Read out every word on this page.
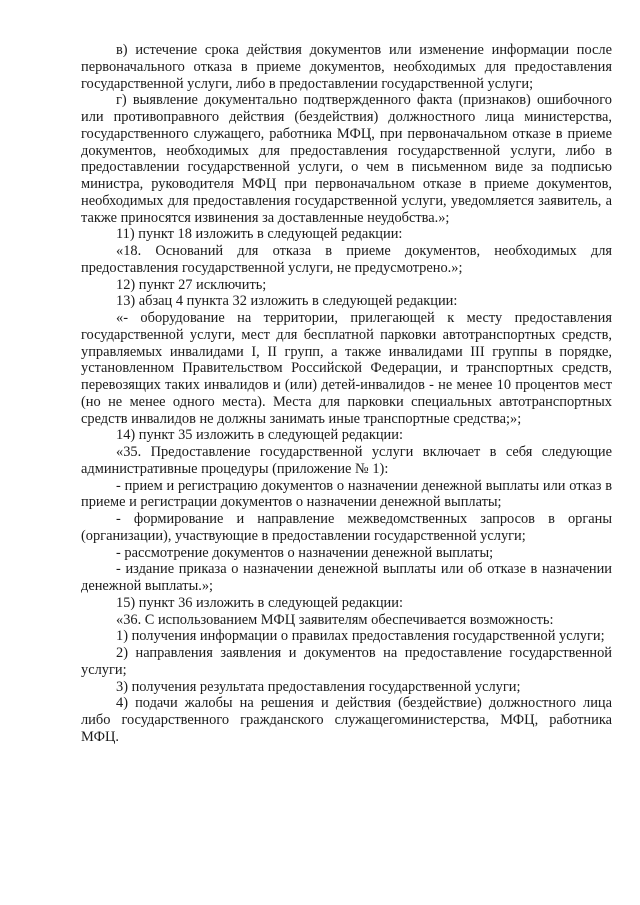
в) истечение срока действия документов или изменение информации после первоначального отказа в приеме документов, необходимых для предоставления государственной услуги, либо в предоставлении государственной услуги;

г) выявление документально подтвержденного факта (признаков) ошибочного или противоправного действия (бездействия) должностного лица министерства, государственного служащего, работника МФЦ, при первоначальном отказе в приеме документов, необходимых для предоставления государственной услуги, либо в предоставлении государственной услуги, о чем в письменном виде за подписью министра, руководителя МФЦ при первоначальном отказе в приеме документов, необходимых для предоставления государственной услуги, уведомляется заявитель, а также приносятся извинения за доставленные неудобства.»;

11) пункт 18 изложить в следующей редакции:

«18. Оснований для отказа в приеме документов, необходимых для предоставления государственной услуги, не предусмотрено.»;

12) пункт 27 исключить;

13) абзац 4 пункта 32 изложить в следующей редакции:

«- оборудование на территории, прилегающей к месту предоставления государственной услуги, мест для бесплатной парковки автотранспортных средств, управляемых инвалидами I, II групп, а также инвалидами III группы в порядке, установленном Правительством Российской Федерации, и транспортных средств, перевозящих таких инвалидов и (или) детей-инвалидов - не менее 10 процентов мест (но не менее одного места). Места для парковки специальных автотранспортных средств инвалидов не должны занимать иные транспортные средства;»;

14) пункт 35 изложить в следующей редакции:

«35. Предоставление государственной услуги включает в себя следующие административные процедуры (приложение № 1):

- прием и регистрацию документов о назначении денежной выплаты или отказ в приеме и регистрации документов о назначении денежной выплаты;

- формирование и направление межведомственных запросов в органы (организации), участвующие в предоставлении государственной услуги;

- рассмотрение документов о назначении денежной выплаты;

- издание приказа о назначении денежной выплаты или об отказе в назначении денежной выплаты.»;

15) пункт 36 изложить в следующей редакции:

«36. С использованием МФЦ заявителям обеспечивается возможность:

1) получения информации о правилах предоставления государственной услуги;

2) направления заявления и документов на предоставление государственной услуги;

3) получения результата предоставления государственной услуги;

4) подачи жалобы на решения и действия (бездействие) должностного лица либо государственного гражданского служащегоминистерства, МФЦ, работника МФЦ.
